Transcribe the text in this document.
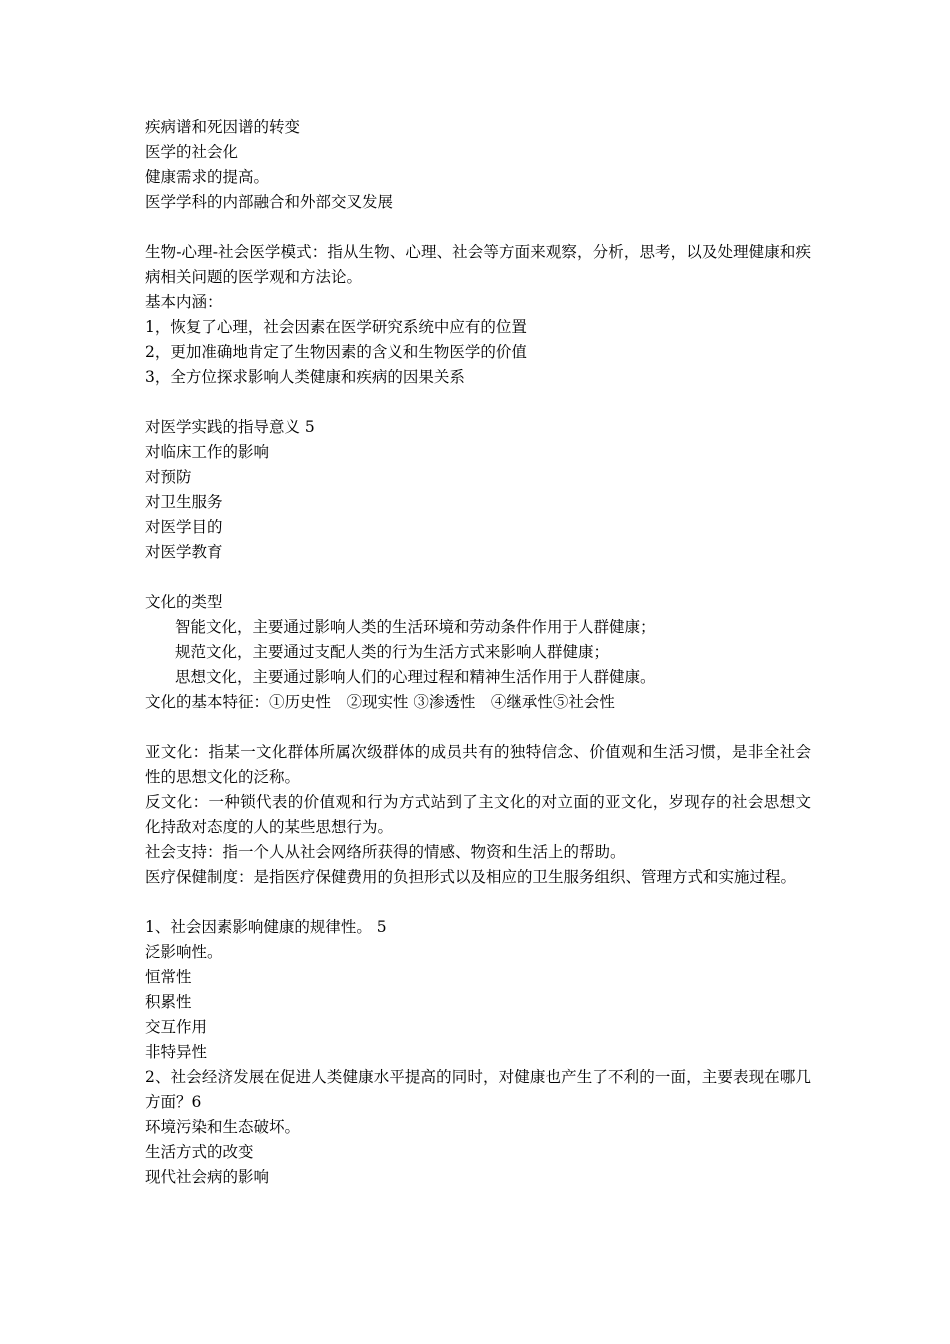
疾病谱和死因谱的转变
医学的社会化
健康需求的提高。
医学学科的内部融合和外部交叉发展
生物-心理-社会医学模式：指从生物、心理、社会等方面来观察，分析，思考，以及处理健康和疾病相关问题的医学观和方法论。
基本内涵：
1，恢复了心理，社会因素在医学研究系统中应有的位置
2，更加准确地肯定了生物因素的含义和生物医学的价值
3，全方位探求影响人类健康和疾病的因果关系
对医学实践的指导意义 5
对临床工作的影响
对预防
对卫生服务
对医学目的
对医学教育
文化的类型
智能文化，主要通过影响人类的生活环境和劳动条件作用于人群健康；
规范文化，主要通过支配人类的行为生活方式来影响人群健康；
思想文化，主要通过影响人们的心理过程和精神生活作用于人群健康。
文化的基本特征：①历史性　②现实性 ③渗透性　④继承性⑤社会性
亚文化：指某一文化群体所属次级群体的成员共有的独特信念、价值观和生活习惯，是非全社会性的思想文化的泛称。
反文化：一种锁代表的价值观和行为方式站到了主文化的对立面的亚文化，岁现存的社会思想文化持敌对态度的人的某些思想行为。
社会支持：指一个人从社会网络所获得的情感、物资和生活上的帮助。
医疗保健制度：是指医疗保健费用的负担形式以及相应的卫生服务组织、管理方式和实施过程。
1、社会因素影响健康的规律性。 5
泛影响性。
恒常性
积累性
交互作用
非特异性
2、社会经济发展在促进人类健康水平提高的同时，对健康也产生了不利的一面，主要表现在哪几方面？6
环境污染和生态破坏。
生活方式的改变
现代社会病的影响
